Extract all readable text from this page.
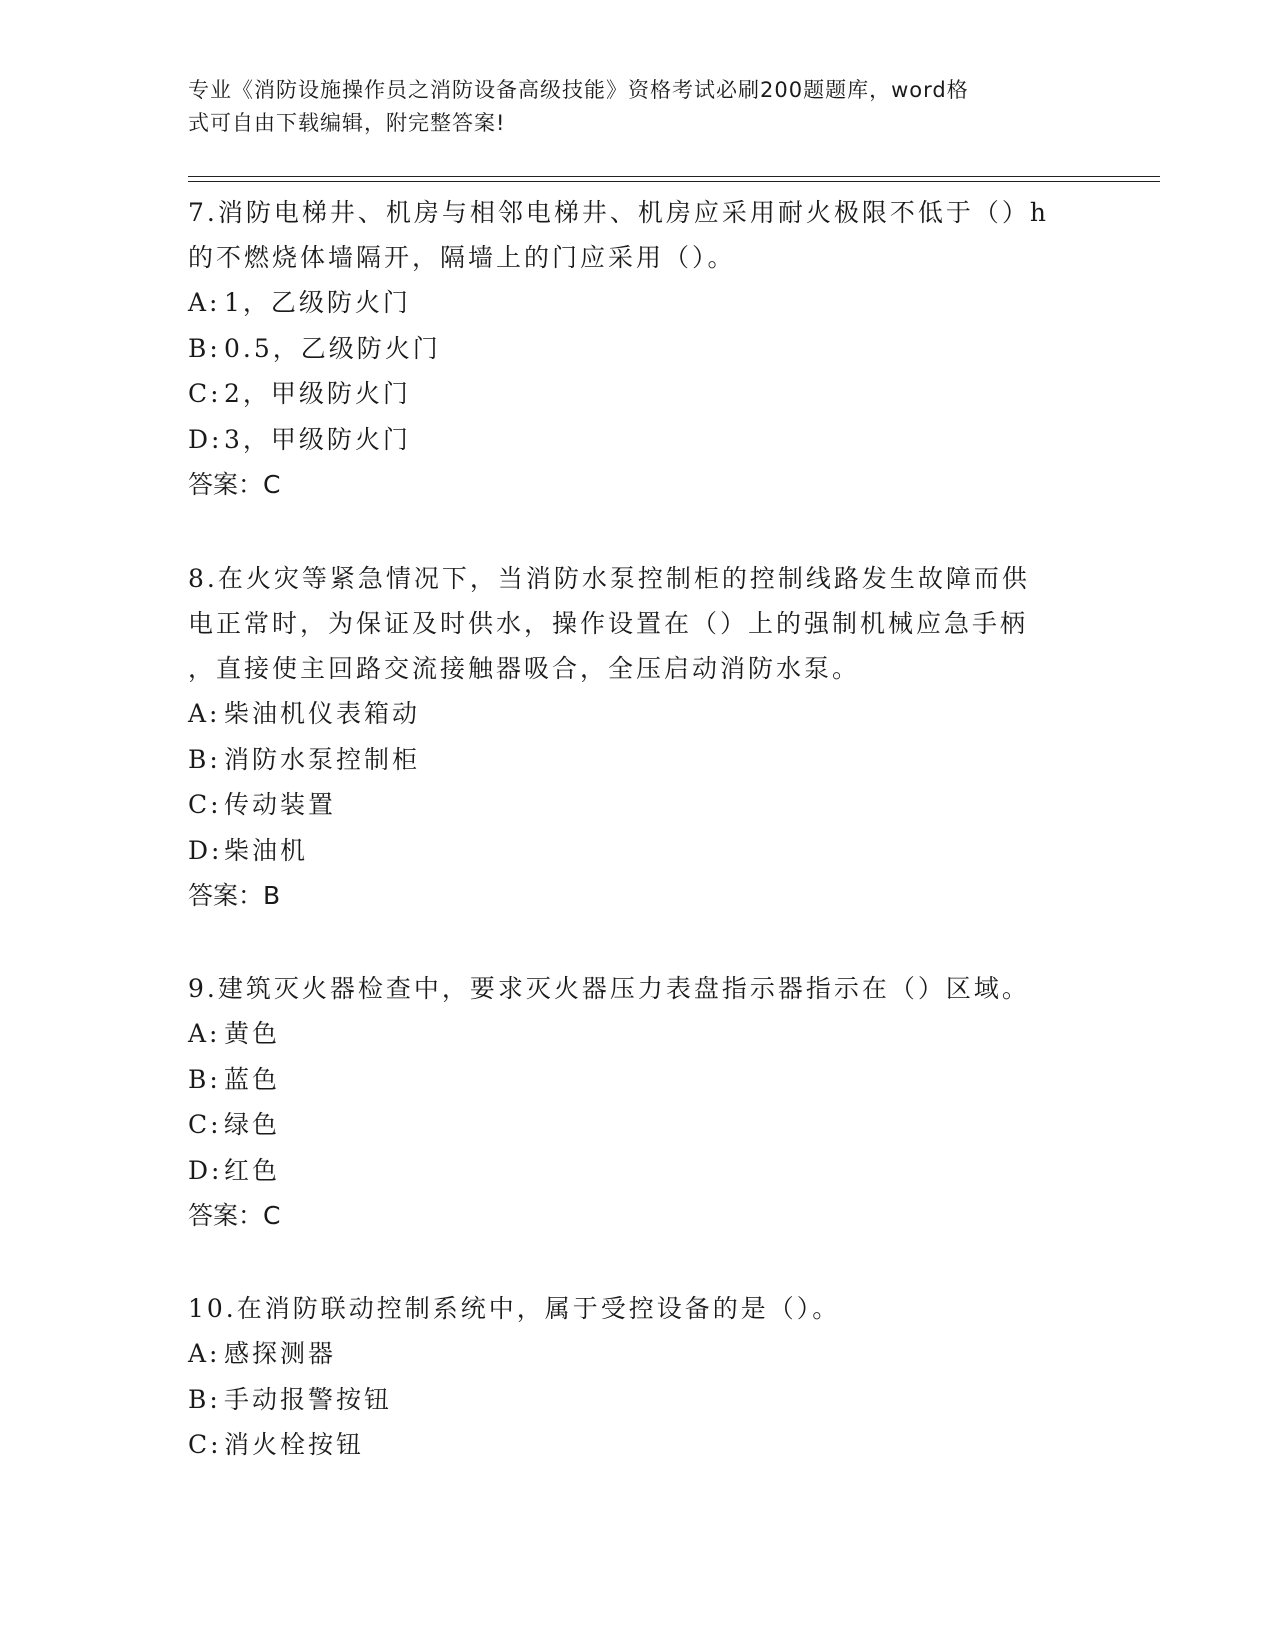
专业《消防设施操作员之消防设备高级技能》资格考试必刷200题题库，word格
式可自由下载编辑，附完整答案!

7.消防电梯井、机房与相邻电梯井、机房应采用耐火极限不低于（）h

的不燃烧体墙隔开，隔墙上的门应采用（）。

A: 1，乙级防火门

B: 0.5，乙级防火门

C:2，甲级防火门

D:3，甲级防火门

答案：C

8.在火灾等紧急情况下，当消防水泵控制柜的控制线路发生故障而供

电正常时，为保证及时供水，操作设置在（）上的强制机械应急手柄

，直接使主回路交流接触器吸合，全压启动消防水泵。

A: 柴油机仪表箱动

B: 消防水泵控制柜

C:传动装置

D:柴油机

答案：B

9.建筑灭火器检查中，要求灭火器压力表盘指示器指示在（）区域。

A: 黄色

B: 蓝色

C:绿色

D:红色

答案：C

10.在消防联动控制系统中，属于受控设备的是（）。

A: 感探测器

B: 手动报警按钮

C:消火栓按钮
